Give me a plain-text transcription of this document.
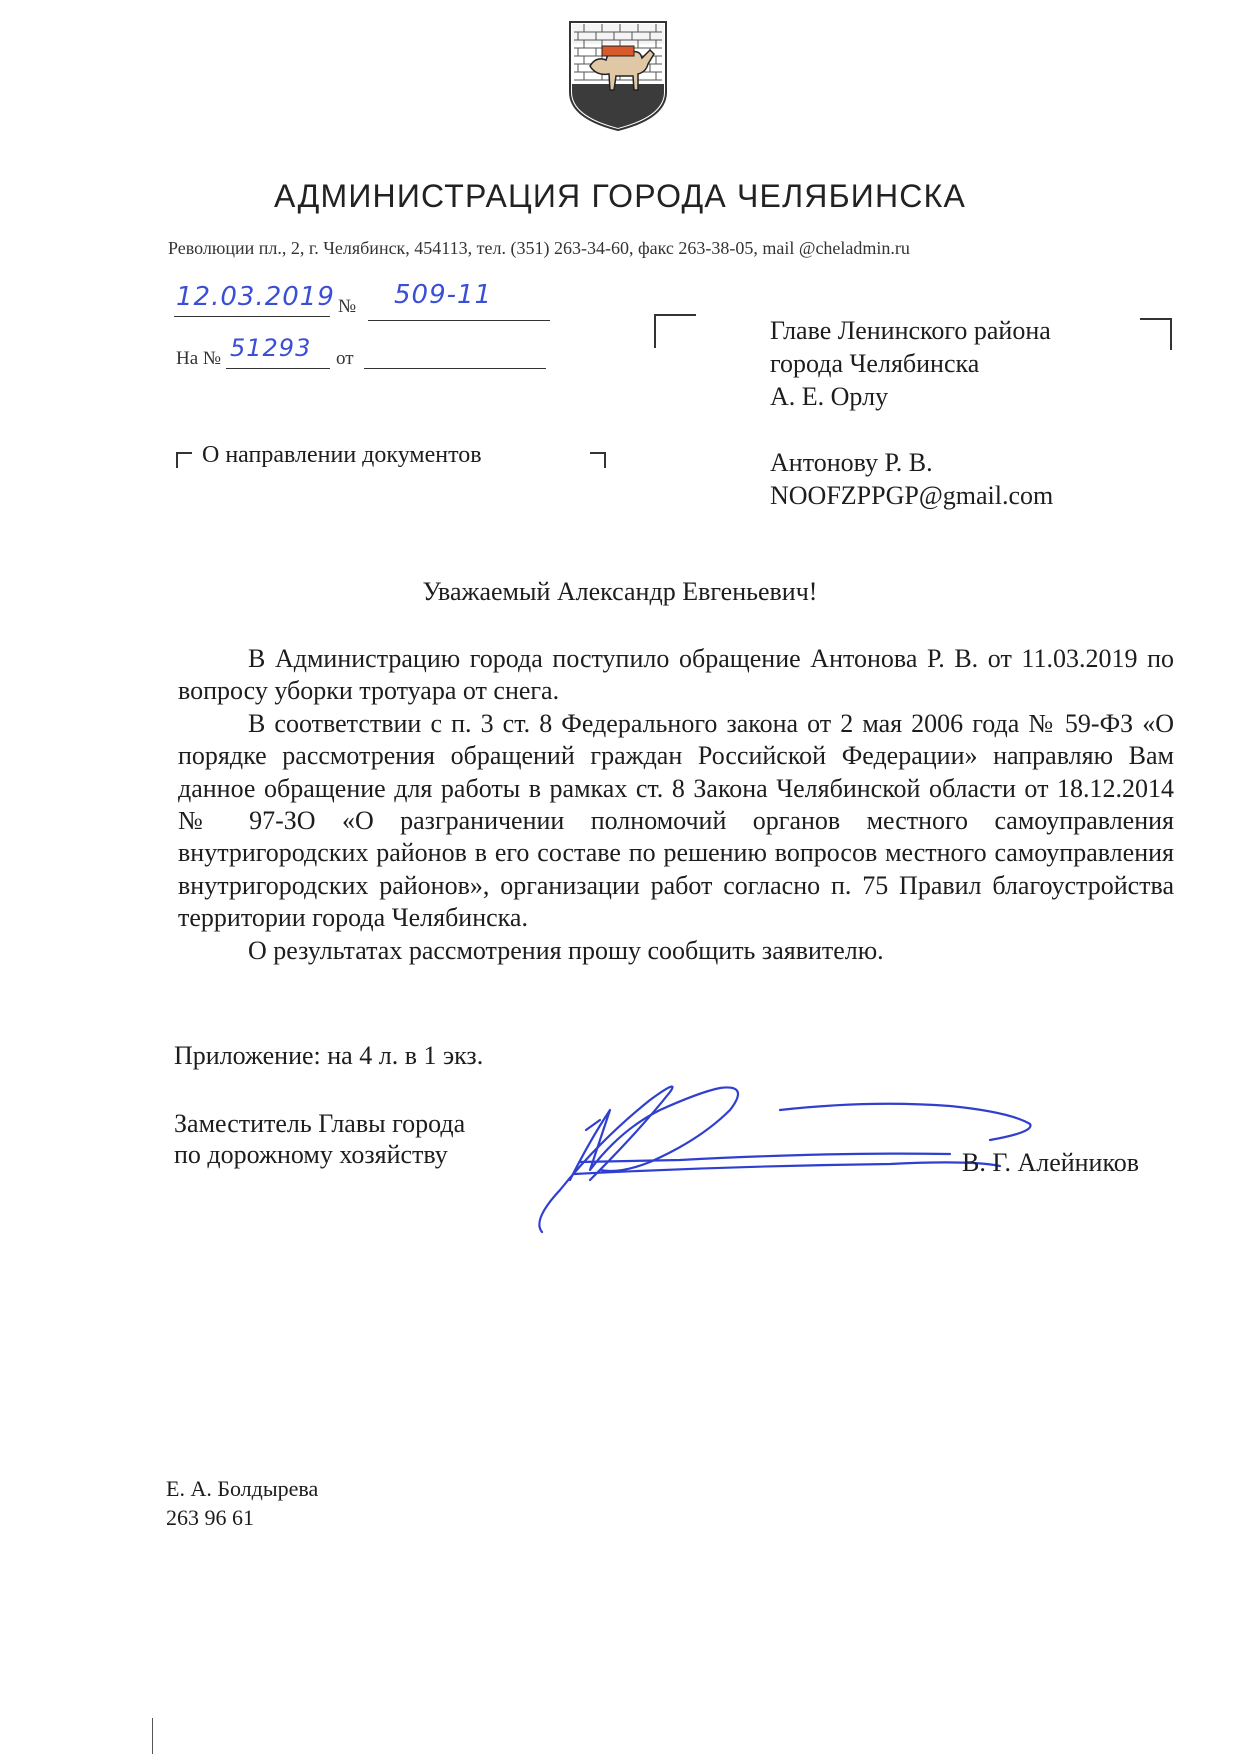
АДМИНИСТРАЦИЯ ГОРОДА ЧЕЛЯБИНСКА
Революции пл., 2, г. Челябинск, 454113, тел. (351) 263-34-60, факс 263-38-05, mail @cheladmin.ru
12.03.2019 № 509-11
На № 51293 от
О направлении документов
Главе Ленинского района
города Челябинска
А. Е. Орлу
Антонову Р. В.
NOOFZPPGP@gmail.com
Уважаемый Александр Евгеньевич!

В Администрацию города поступило обращение Антонова Р. В. от 11.03.2019 по вопросу уборки тротуара от снега.

В соответствии с п. 3 ст. 8 Федерального закона от 2 мая 2006 года № 59-ФЗ «О порядке рассмотрения обращений граждан Российской Федерации» направляю Вам данное обращение для работы в рамках ст. 8 Закона Челябинской области от 18.12.2014 № 97-ЗО «О разграничении полномочий органов местного самоуправления внутригородских районов в его составе по решению вопросов местного самоуправления внутригородских районов», организации работ согласно п. 75 Правил благоустройства территории города Челябинска.

О результатах рассмотрения прошу сообщить заявителю.

Приложение: на 4 л. в 1 экз.
Заместитель Главы города
по дорожному хозяйству	В. Г. Алейников
Е. А. Болдырева
263 96 61
